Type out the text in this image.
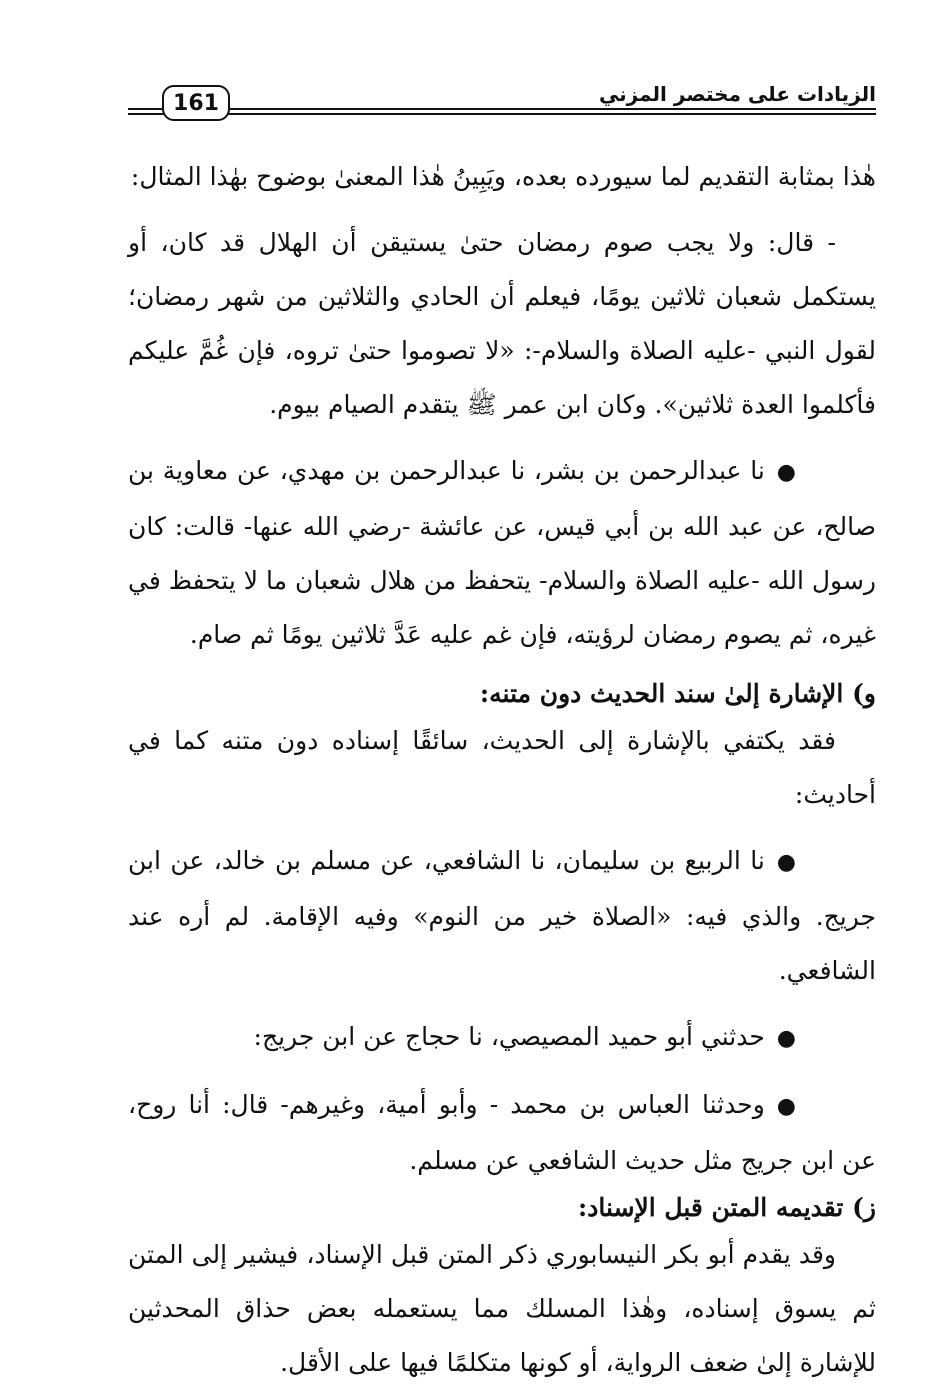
161	الزيادات على مختصر المزني

هٰذا بمثابة التقديم لما سيورده بعده، ويَبِينُ هٰذا المعنىٰ بوضوح بهٰذا المثال:

- قال: ولا يجب صوم رمضان حتىٰ يستيقن أن الهلال قد كان، أو يستكمل شعبان ثلاثين يومًا، فيعلم أن الحادي والثلاثين من شهر رمضان؛ لقول النبي -عليه الصلاة والسلام-: «لا تصوموا حتىٰ تروه، فإن غُمَّ عليكم فأكلموا العدة ثلاثين». وكان ابن عمر ﷺ يتقدم الصيام بيوم.

●نا عبدالرحمن بن بشر، نا عبدالرحمن بن مهدي، عن معاوية بن صالح، عن عبد الله بن أبي قيس، عن عائشة -رضي الله عنها- قالت: كان رسول الله -عليه الصلاة والسلام- يتحفظ من هلال شعبان ما لا يتحفظ في غيره، ثم يصوم رمضان لرؤيته، فإن غم عليه عَدَّ ثلاثين يومًا ثم صام.

و) الإشارة إلىٰ سند الحديث دون متنه:

فقد يكتفي بالإشارة إلى الحديث، سائقًا إسناده دون متنه كما في أحاديث:

●نا الربيع بن سليمان، نا الشافعي، عن مسلم بن خالد، عن ابن جريج. والذي فيه: «الصلاة خير من النوم» وفيه الإقامة. لم أره عند الشافعي.

●حدثني أبو حميد المصيصي، نا حجاج عن ابن جريج:

●وحدثنا العباس بن محمد - وأبو أمية، وغيرهم- قال: أنا روح، عن ابن جريج مثل حديث الشافعي عن مسلم.

ز) تقديمه المتن قبل الإسناد:

وقد يقدم أبو بكر النيسابوري ذكر المتن قبل الإسناد، فيشير إلى المتن ثم يسوق إسناده، وهٰذا المسلك مما يستعمله بعض حذاق المحدثين للإشارة إلىٰ ضعف الرواية، أو كونها متكلمًا فيها على الأقل.
